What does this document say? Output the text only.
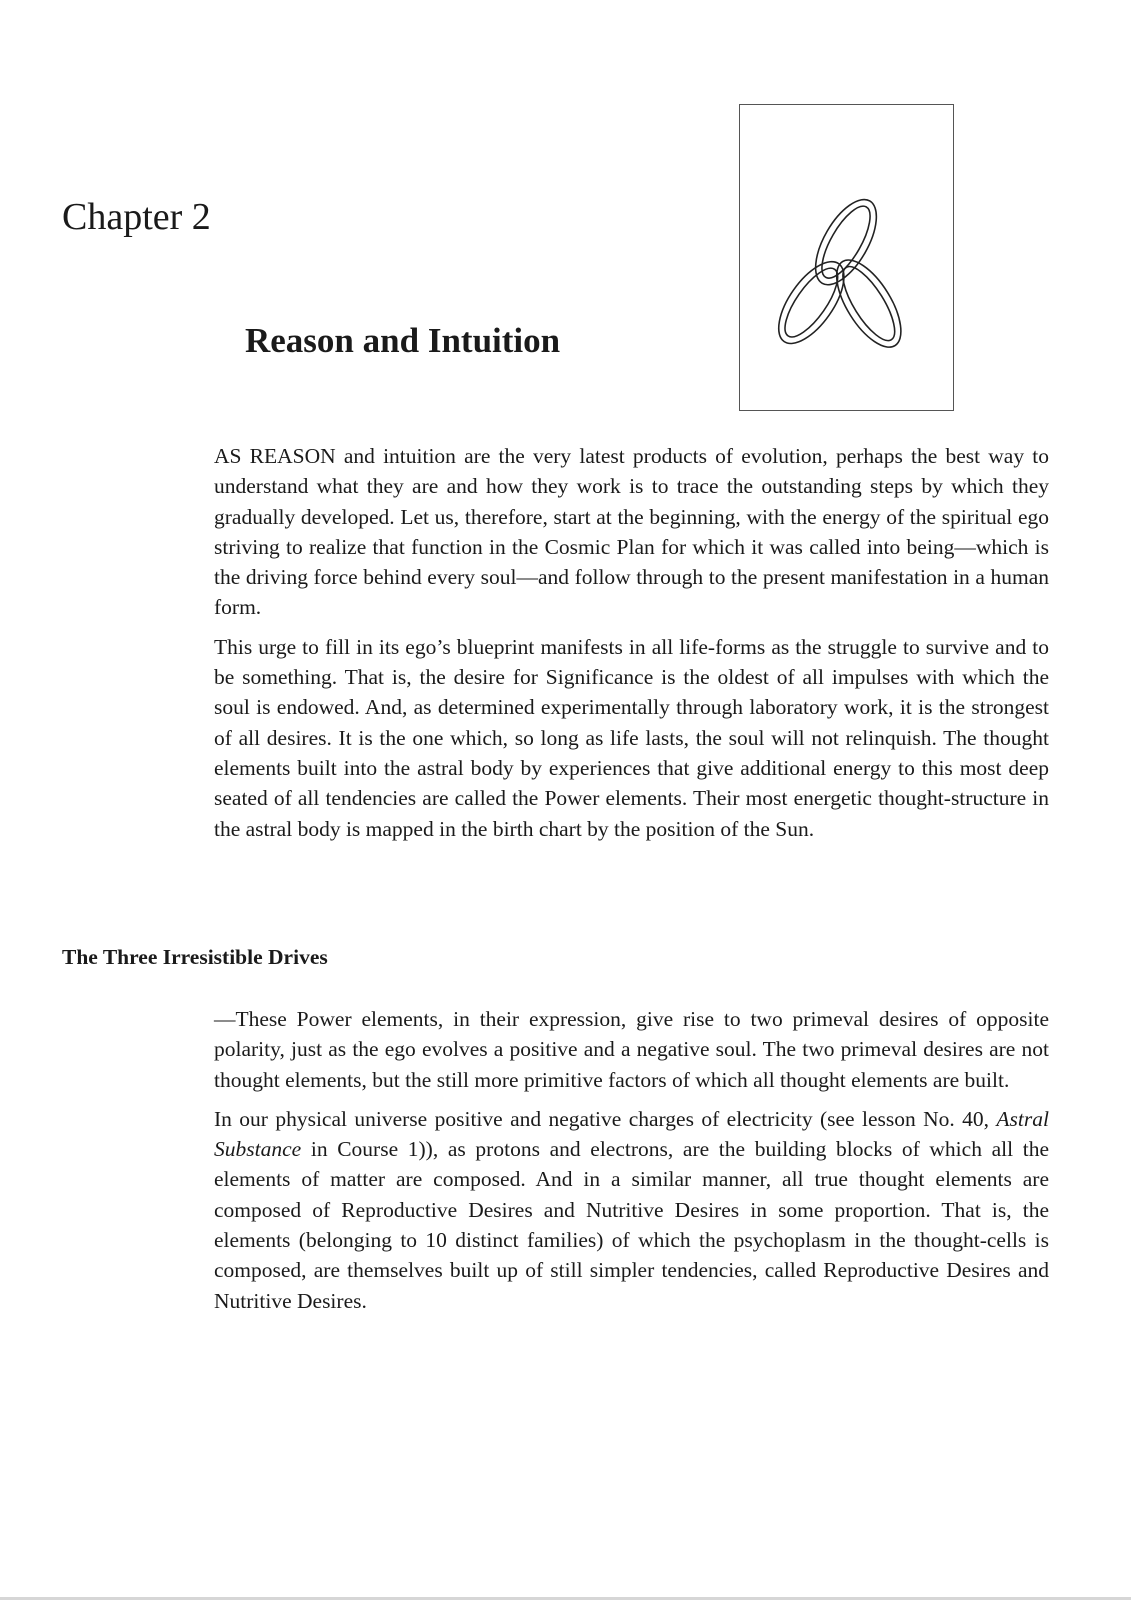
Chapter 2
Reason and Intuition

AS REASON and intuition are the very latest products of evolution, perhaps the best way to understand what they are and how they work is to trace the outstanding steps by which they gradually developed. Let us, therefore, start at the beginning, with the energy of the spiritual ego striving to realize that function in the Cosmic Plan for which it was called into being—which is the driving force behind every soul—and follow through to the present manifestation in a human form.

This urge to fill in its ego’s blueprint manifests in all life-forms as the struggle to survive and to be something. That is, the desire for Significance is the oldest of all impulses with which the soul is endowed. And, as determined experimentally through laboratory work, it is the strongest of all desires. It is the one which, so long as life lasts, the soul will not relinquish. The thought elements built into the astral body by experiences that give additional energy to this most deep seated of all tendencies are called the Power elements. Their most energetic thought-structure in the astral body is mapped in the birth chart by the position of the Sun.

The Three Irresistible Drives

—These Power elements, in their expression, give rise to two primeval desires of opposite polarity, just as the ego evolves a positive and a negative soul. The two primeval desires are not thought elements, but the still more primitive factors of which all thought elements are built.

In our physical universe positive and negative charges of electricity (see lesson No. 40, Astral Substance in Course 1)), as protons and electrons, are the building blocks of which all the elements of matter are composed. And in a similar manner, all true thought elements are composed of Reproductive Desires and Nutritive Desires in some proportion. That is, the elements (belonging to 10 distinct families) of which the psychoplasm in the thought-cells is composed, are themselves built up of still simpler tendencies, called Reproductive Desires and Nutritive Desires.
